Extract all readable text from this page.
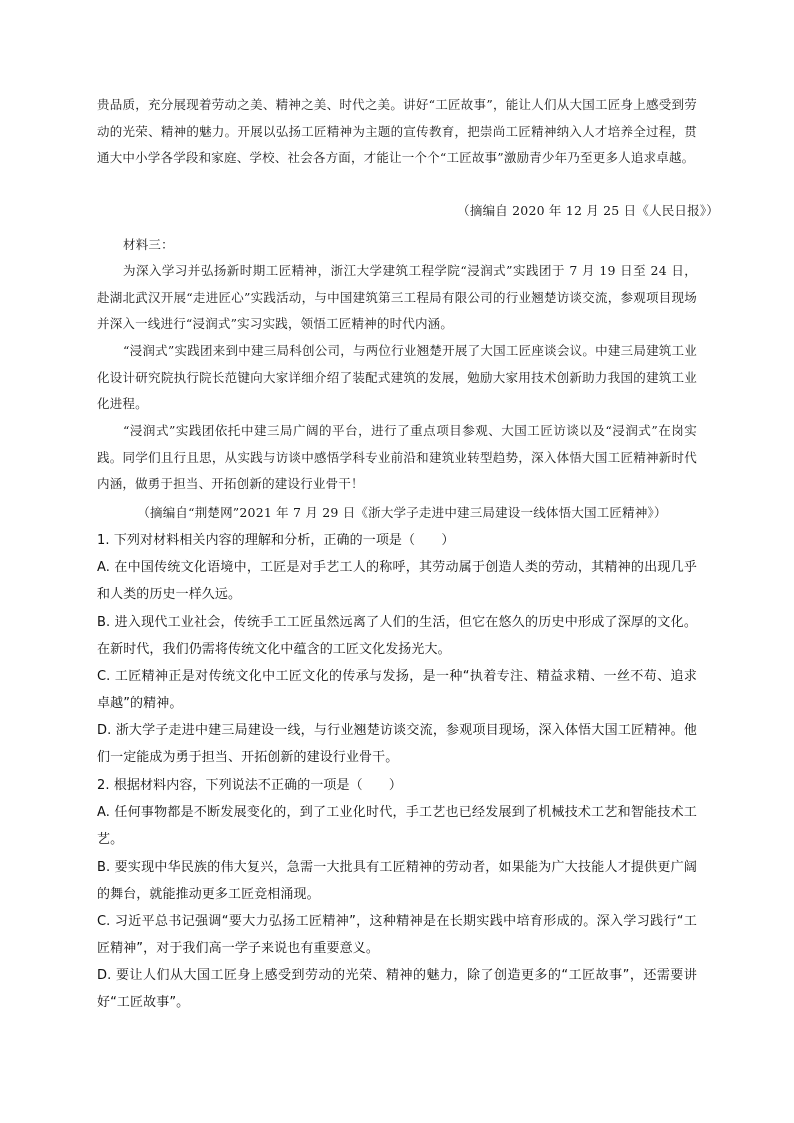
贵品质，充分展现着劳动之美、精神之美、时代之美。讲好“工匠故事”，能让人们从大国工匠身上感受到劳动的光荣、精神的魅力。开展以弘扬工匠精神为主题的宣传教育，把崇尚工匠精神纳入人才培养全过程，贯通大中小学各学段和家庭、学校、社会各方面，才能让一个个“工匠故事”激励青少年乃至更多人追求卓越。

（摘编自 2020 年 12 月 25 日《人民日报》）

材料三：

为深入学习并弘扬新时期工匠精神，浙江大学建筑工程学院“浸润式”实践团于 7 月 19 日至 24 日，赴湖北武汉开展“走进匠心”实践活动，与中国建筑第三工程局有限公司的行业翘楚访谈交流，参观项目现场并深入一线进行“浸润式”实习实践，领悟工匠精神的时代内涵。

“浸润式”实践团来到中建三局科创公司，与两位行业翘楚开展了大国工匠座谈会议。中建三局建筑工业化设计研究院执行院长范键向大家详细介绍了装配式建筑的发展，勉励大家用技术创新助力我国的建筑工业化进程。

“浸润式”实践团依托中建三局广阔的平台，进行了重点项目参观、大国工匠访谈以及“浸润式”在岗实践。同学们且行且思，从实践与访谈中感悟学科专业前沿和建筑业转型趋势，深入体悟大国工匠精神新时代内涵，做勇于担当、开拓创新的建设行业骨干！

（摘编自“荆楚网”2021 年 7 月 29 日《浙大学子走进中建三局建设一线体悟大国工匠精神》）

1. 下列对材料相关内容的理解和分析，正确的一项是（　　）

A. 在中国传统文化语境中，工匠是对手艺工人的称呼，其劳动属于创造人类的劳动，其精神的出现几乎和人类的历史一样久远。

B. 进入现代工业社会，传统手工工匠虽然远离了人们的生活，但它在悠久的历史中形成了深厚的文化。在新时代，我们仍需将传统文化中蕴含的工匠文化发扬光大。

C. 工匠精神正是对传统文化中工匠文化的传承与发扬，是一种“执着专注、精益求精、一丝不苟、追求卓越”的精神。

D. 浙大学子走进中建三局建设一线，与行业翘楚访谈交流，参观项目现场，深入体悟大国工匠精神。他们一定能成为勇于担当、开拓创新的建设行业骨干。

2. 根据材料内容，下列说法不正确的一项是（　　）

A. 任何事物都是不断发展变化的，到了工业化时代，手工艺也已经发展到了机械技术工艺和智能技术工艺。

B. 要实现中华民族的伟大复兴，急需一大批具有工匠精神的劳动者，如果能为广大技能人才提供更广阔的舞台，就能推动更多工匠竞相涌现。

C. 习近平总书记强调“要大力弘扬工匠精神”，这种精神是在长期实践中培育形成的。深入学习践行“工匠精神”，对于我们高一学子来说也有重要意义。

D. 要让人们从大国工匠身上感受到劳动的光荣、精神的魅力，除了创造更多的“工匠故事”，还需要讲好“工匠故事”。
